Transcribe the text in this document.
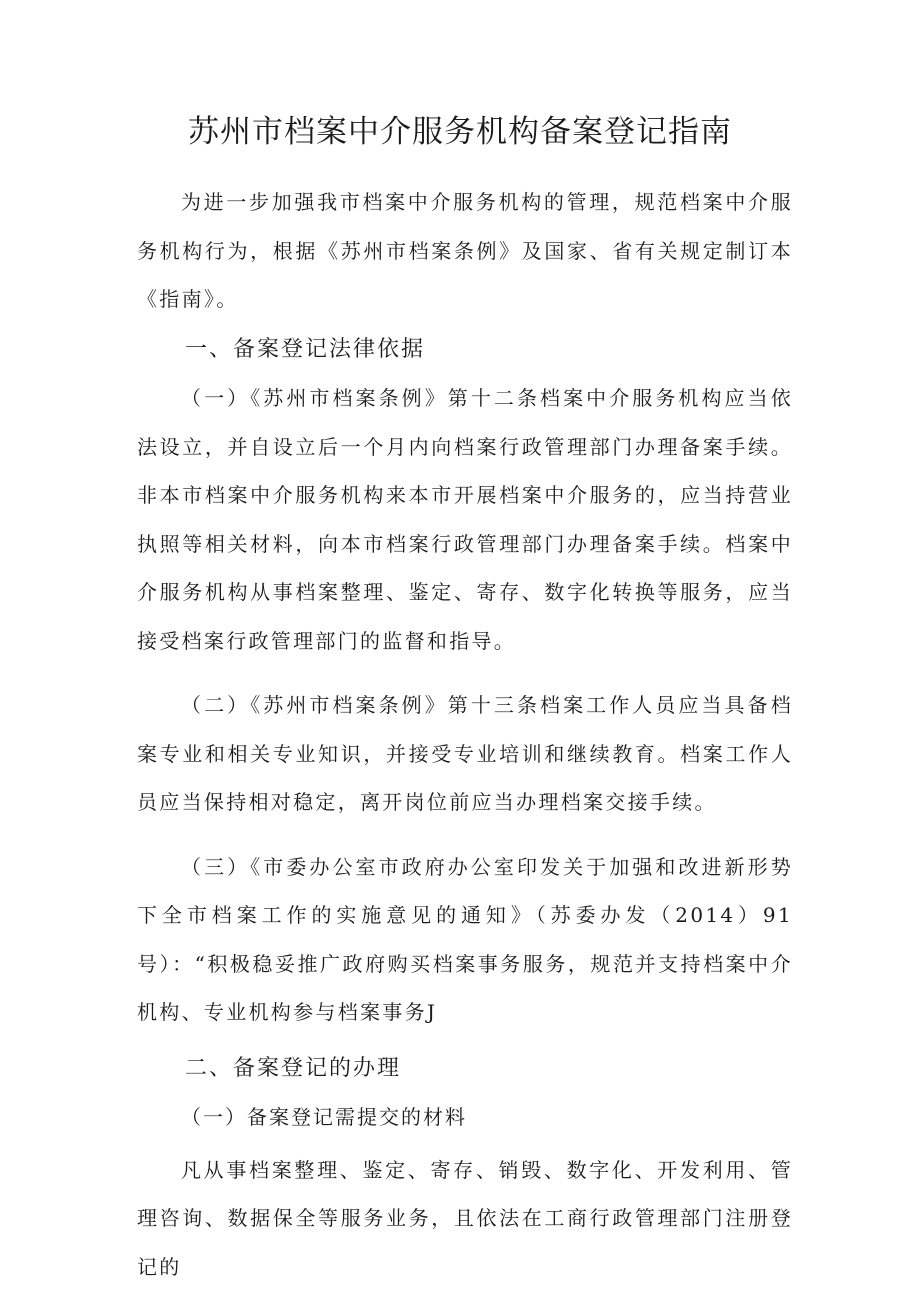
苏州市档案中介服务机构备案登记指南

为进一步加强我市档案中介服务机构的管理，规范档案中介服务机构行为，根据《苏州市档案条例》及国家、省有关规定制订本《指南》。

一、备案登记法律依据

（一）《苏州市档案条例》第十二条档案中介服务机构应当依法设立，并自设立后一个月内向档案行政管理部门办理备案手续。非本市档案中介服务机构来本市开展档案中介服务的，应当持营业执照等相关材料，向本市档案行政管理部门办理备案手续。档案中介服务机构从事档案整理、鉴定、寄存、数字化转换等服务，应当接受档案行政管理部门的监督和指导。

（二）《苏州市档案条例》第十三条档案工作人员应当具备档案专业和相关专业知识，并接受专业培训和继续教育。档案工作人员应当保持相对稳定，离开岗位前应当办理档案交接手续。

（三）《市委办公室市政府办公室印发关于加强和改进新形势下全市档案工作的实施意见的通知》（苏委办发（2014）91号）：“积极稳妥推广政府购买档案事务服务，规范并支持档案中介机构、专业机构参与档案事务J

二、备案登记的办理

（一）备案登记需提交的材料

凡从事档案整理、鉴定、寄存、销毁、数字化、开发利用、管理咨询、数据保全等服务业务，且依法在工商行政管理部门注册登记的
